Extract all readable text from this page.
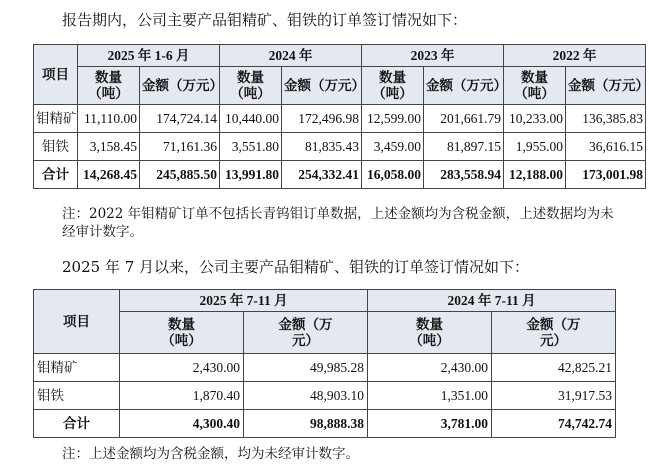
报告期内，公司主要产品钼精矿、钼铁的订单签订情况如下：
项目	2025 年 1-6 月		2024 年		2023 年		2022 年	
	数量（吨）	金额（万元）	数量（吨）	金额（万元）	数量（吨）	金额（万元）	数量（吨）	金额（万元）

钼精矿	11,110.00	174,724.14	10,440.00	172,496.98	12,599.00	201,661.79	10,233.00	136,385.83
钼铁	3,158.45	71,161.36	3,551.80	81,835.43	3,459.00	81,897.15	1,955.00	36,616.15
合计	14,268.45	245,885.50	13,991.80	254,332.41	16,058.00	283,558.94	12,188.00	173,001.98
注：2022 年钼精矿订单不包括长青钨钼订单数据，上述金额均为含税金额，上述数据均为未经审计数字。
2025 年 7 月以来，公司主要产品钼精矿、钼铁的订单签订情况如下：
项目	2025 年 7-11 月		2024 年 7-11 月	
	数量（吨）	金额（万元）	数量（吨）	金额（万元）
钼精矿	2,430.00	49,985.28	2,430.00	42,825.21
钼铁	1,870.40	48,903.10	1,351.00	31,917.53
合计	4,300.40	98,888.38	3,781.00	74,742.74
注：上述金额均为含税金额，均为未经审计数字。
